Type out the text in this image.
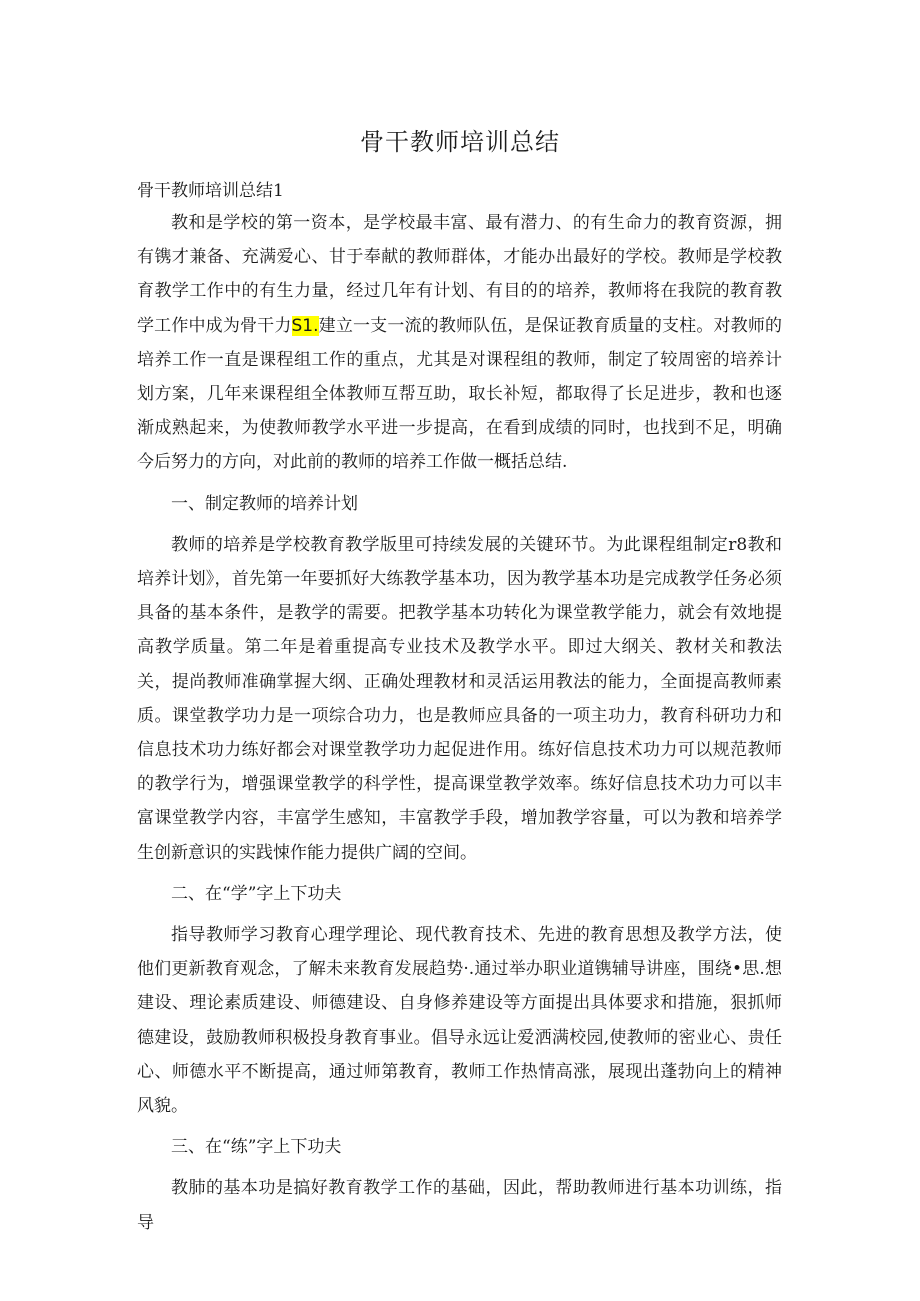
骨干教师培训总结

骨干教师培训总结1

教和是学校的第一资本，是学校最丰富、最有潜力、的有生命力的教育资源，拥有镌才兼备、充满爱心、甘于奉献的教师群体，才能办出最好的学校。教师是学校教育教学工作中的有生力量，经过几年有计划、有目的的培养，教师将在我院的教育教学工作中成为骨干力S1.建立一支一流的教师队伍，是保证教育质量的支柱。对教师的培养工作一直是课程组工作的重点，尤其是对课程组的教师，制定了较周密的培养计划方案，几年来课程组全体教师互帮互助，取长补短，都取得了长足进步，教和也逐渐成熟起来，为使教师教学水平进一步提高，在看到成绩的同时，也找到不足，明确今后努力的方向，对此前的教师的培养工作做一概括总结.

一、制定教师的培养计划

教师的培养是学校教育教学版里可持续发展的关键环节。为此课程组制定r8教和培养计划》，首先第一年要抓好大练教学基本功，因为教学基本功是完成教学任务必须具备的基本条件，是教学的需要。把教学基本功转化为课堂教学能力，就会有效地提高教学质量。第二年是着重提高专业技术及教学水平。即过大纲关、教材关和教法关，提尚教师准确掌握大纲、正确处理教材和灵活运用教法的能力，全面提高教师素质。课堂教学功力是一项综合功力，也是教师应具备的一项主功力，教育科研功力和信息技术功力练好都会对课堂教学功力起促进作用。练好信息技术功力可以规范教师的教学行为，增强课堂教学的科学性，提高课堂教学效率。练好信息技术功力可以丰富课堂教学内容，丰富学生感知，丰富教学手段，增加教学容量，可以为教和培养学生创新意识的实践悚作能力提供广阔的空间。

二、在“学”字上下功夫

指导教师学习教育心理学理论、现代教育技术、先进的教育思想及教学方法，使他们更新教育观念，了解未来教育发展趋势·.通过举办职业道镌辅导讲座，围绕•思.想建设、理论素质建设、师德建设、自身修养建设等方面提出具体要求和措施，狠抓师德建设，鼓励教师积极投身教育事业。倡导永远让爱洒满校园,使教师的密业心、贵任心、师德水平不断提高，通过师第教育，教师工作热情高涨，展现出蓬勃向上的精神风貌。

三、在“练”字上下功夫

教肺的基本功是搞好教育教学工作的基础，因此，帮助教师进行基本功训练，指导
